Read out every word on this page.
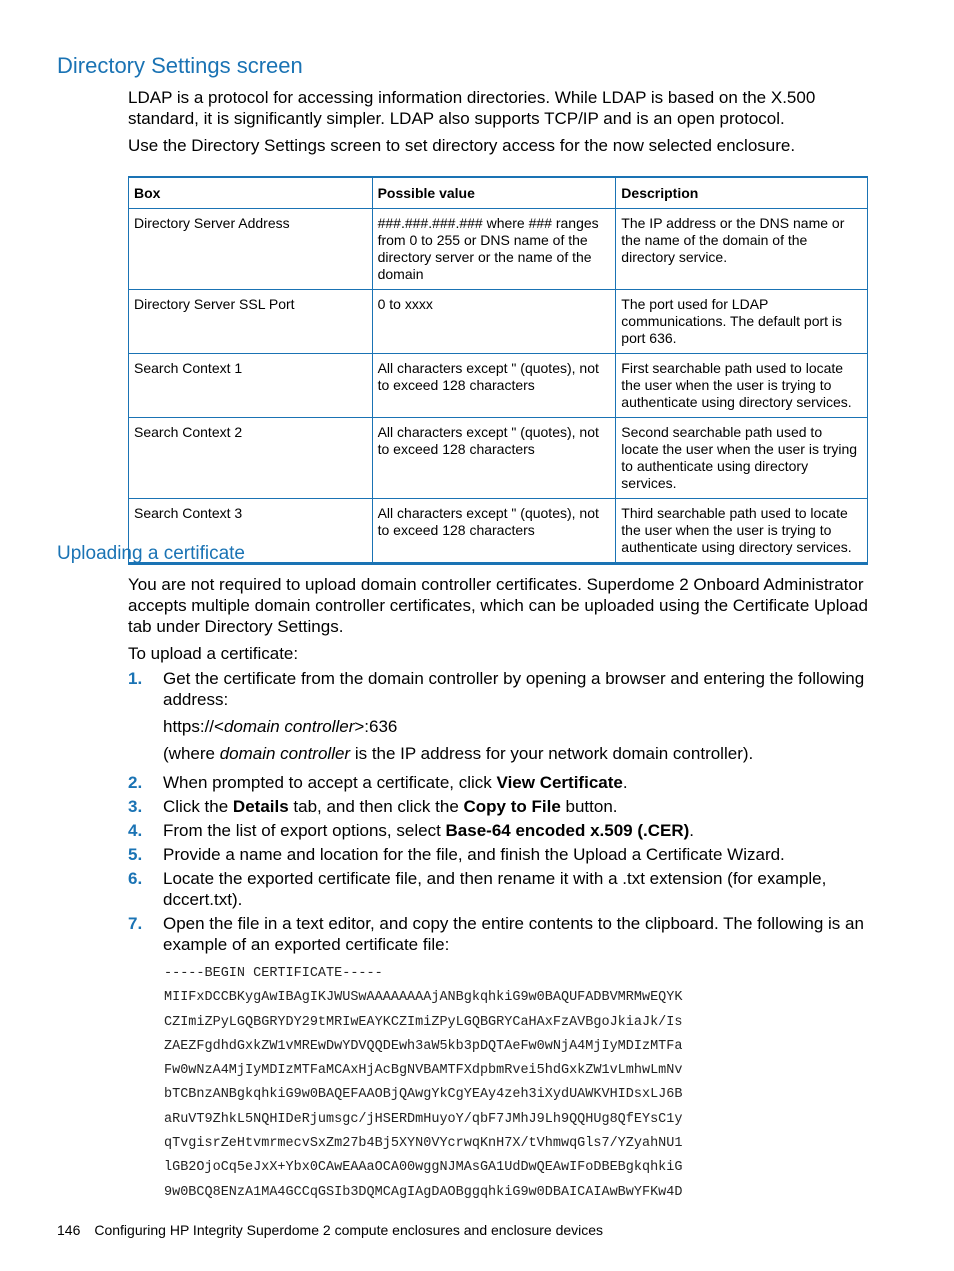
Directory Settings screen

LDAP is a protocol for accessing information directories. While LDAP is based on the X.500 standard, it is significantly simpler. LDAP also supports TCP/IP and is an open protocol.

Use the Directory Settings screen to set directory access for the now selected enclosure.

Box	Possible value	Description
Directory Server Address	###.###.###.### where ### ranges from 0 to 255 or DNS name of the directory server or the name of the domain	The IP address or the DNS name or the name of the domain of the directory service.
Directory Server SSL Port	0 to xxxx	The port used for LDAP communications. The default port is port 636.
Search Context 1	All characters except " (quotes), not to exceed 128 characters	First searchable path used to locate the user when the user is trying to authenticate using directory services.
Search Context 2	All characters except " (quotes), not to exceed 128 characters	Second searchable path used to locate the user when the user is trying to authenticate using directory services.
Search Context 3	All characters except " (quotes), not to exceed 128 characters	Third searchable path used to locate the user when the user is trying to authenticate using directory services.
Uploading a certificate

You are not required to upload domain controller certificates. Superdome 2 Onboard Administrator accepts multiple domain controller certificates, which can be uploaded using the Certificate Upload tab under Directory Settings.

To upload a certificate:

1. Get the certificate from the domain controller by opening a browser and entering the following address:
https://<domain controller>:636
(where domain controller is the IP address for your network domain controller).
2. When prompted to accept a certificate, click View Certificate.
3. Click the Details tab, and then click the Copy to File button.
4. From the list of export options, select Base-64 encoded x.509 (.CER).
5. Provide a name and location for the file, and finish the Upload a Certificate Wizard.
6. Locate the exported certificate file, and then rename it with a .txt extension (for example, dccert.txt).
7. Open the file in a text editor, and copy the entire contents to the clipboard. The following is an example of an exported certificate file:
-----BEGIN CERTIFICATE-----
MIIFxDCCBKygAwIBAgIKJWUSwAAAAAAAAjANBgkqhkiG9w0BAQUFADBVMRMwEQYK
CZImiZPyLGQBGRYDY29tMRIwEAYKCZImiZPyLGQBGRYCaHAxFzAVBgoJkiaJk/Is
ZAEZFgdhdGxkZW1vMREwDwYDVQQDEwh3aW5kb3pDQTAeFw0wNjA4MjIyMDIzMTFa
Fw0wNzA4MjIyMDIzMTFaMCAxHjAcBgNVBAMTFXdpbmRvei5hdGxkZW1vLmhwLmNv
bTCBnzANBgkqhkiG9w0BAQEFAAOBjQAwgYkCgYEAy4zeh3iXydUAWKVHIDsxLJ6B
aRuVT9ZhkL5NQHIDeRjumsgc/jHSERDmHuyoY/qbF7JMhJ9Lh9QQHUg8QfEYsC1y
qTvgisrZeHtvmrmecvSxZm27b4Bj5XYN0VYcrwqKnH7X/tVhmwqGls7/YZyahNU1
lGB2OjoCq5eJxX+Ybx0CAwEAAaOCA00wggNJMAsGA1UdDwQEAwIFoDBEBgkqhkiG
9w0BCQ8ENzA1MA4GCCqGSIb3DQMCAgIAgDAOBggqhkiG9w0DBAICAIAwBwYFKw4D
146 Configuring HP Integrity Superdome 2 compute enclosures and enclosure devices
